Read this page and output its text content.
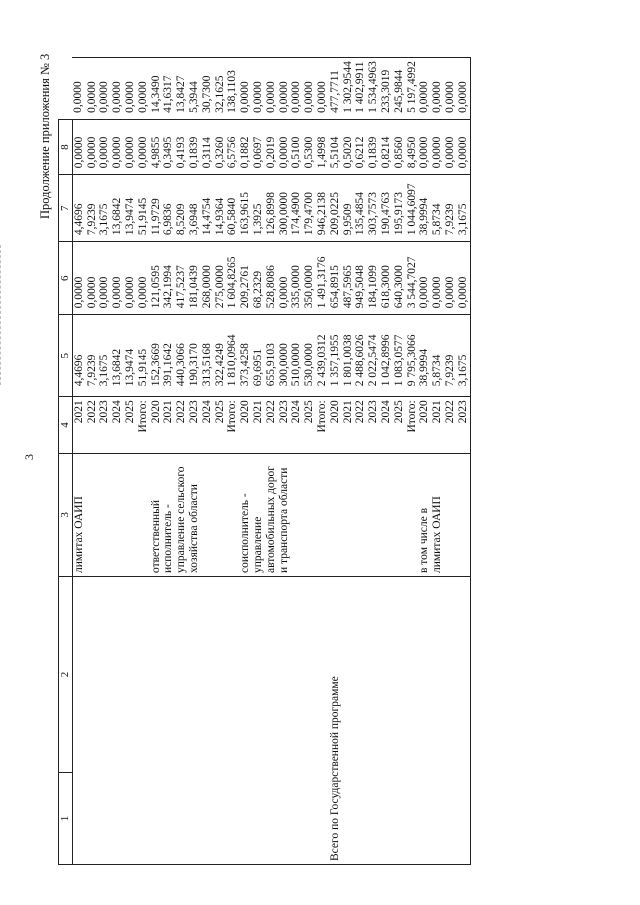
3
Продолжение приложения № 3
1	2	3	4	5	6	7	8	
		лимитах ОАИП	2021	4,4696	0,0000	4,4696	0,0000	0,0000
			2022	7,9239	0,0000	7,9239	0,0000	0,0000
			2023	3,1675	0,0000	3,1675	0,0000	0,0000
			2024	13,6842	0,0000	13,6842	0,0000	0,0000
			2025	13,9474	0,0000	13,9474	0,0000	0,0000
			Итого:	51,9145	0,0000	51,9145	0,0000	0,0000
		ответственный	2020	152,3669	121,0595	11,9729	4,9855	14,3490
		исполнитель -	2021	391,1642	342,1994	6,9836	0,3495	41,6317
		управление сельского	2022	440,3066	417,5237	8,5209	0,4193	13,8427
		хозяйства области	2023	190,3170	181,0439	3,6948	0,1839	5,3944
			2024	313,5168	268,0000	14,4754	0,3114	30,7300
			2025	322,4249	275,0000	14,9364	0,3260	32,1625
			Итого:	1 810,0964	1 604,8265	60,5840	6,5756	138,1103
		соисполнитель -	2020	373,4258	209,2761	163,9615	0,1882	0,0000
		управление	2021	69,6951	68,2329	1,3925	0,0697	0,0000
		автомобильных дорог	2022	655,9103	528,8086	126,8998	0,2019	0,0000
		и транспорта области	2023	300,0000	0,0000	300,0000	0,0000	0,0000
			2024	510,0000	335,0000	174,4900	0,5100	0,0000
			2025	530,0000	350,0000	179,4700	0,5300	0,0000
			Итого:	2 439,0312	1 491,3176	946,2138	1,4998	0,0000
Всего по Государственной программе			2020	1 357,1955	654,8915	209,0225	5,5104	477,7711
			2021	1 801,0038	487,5965	9,9509	0,5020	1 302,9544
			2022	2 488,6026	949,5048	135,4854	0,6212	1 402,9911
			2023	2 022,5474	184,1099	303,7573	0,1839	1 534,4963
			2024	1 042,8996	618,3000	190,4763	0,8214	233,3019
			2025	1 083,0577	640,3000	195,9173	0,8560	245,9844
			Итого:	9 795,3066	3 544,7027	1 044,6097	8,4950	5 197,4992
		в том числе в	2020	38,9994	0,0000	38,9994	0,0000	0,0000
		лимитах ОАИП	2021	5,8734	0,0000	5,8734	0,0000	0,0000
			2022	7,9239	0,0000	7,9239	0,0000	0,0000
			2023	3,1675	0,0000	3,1675	0,0000	0,0000
